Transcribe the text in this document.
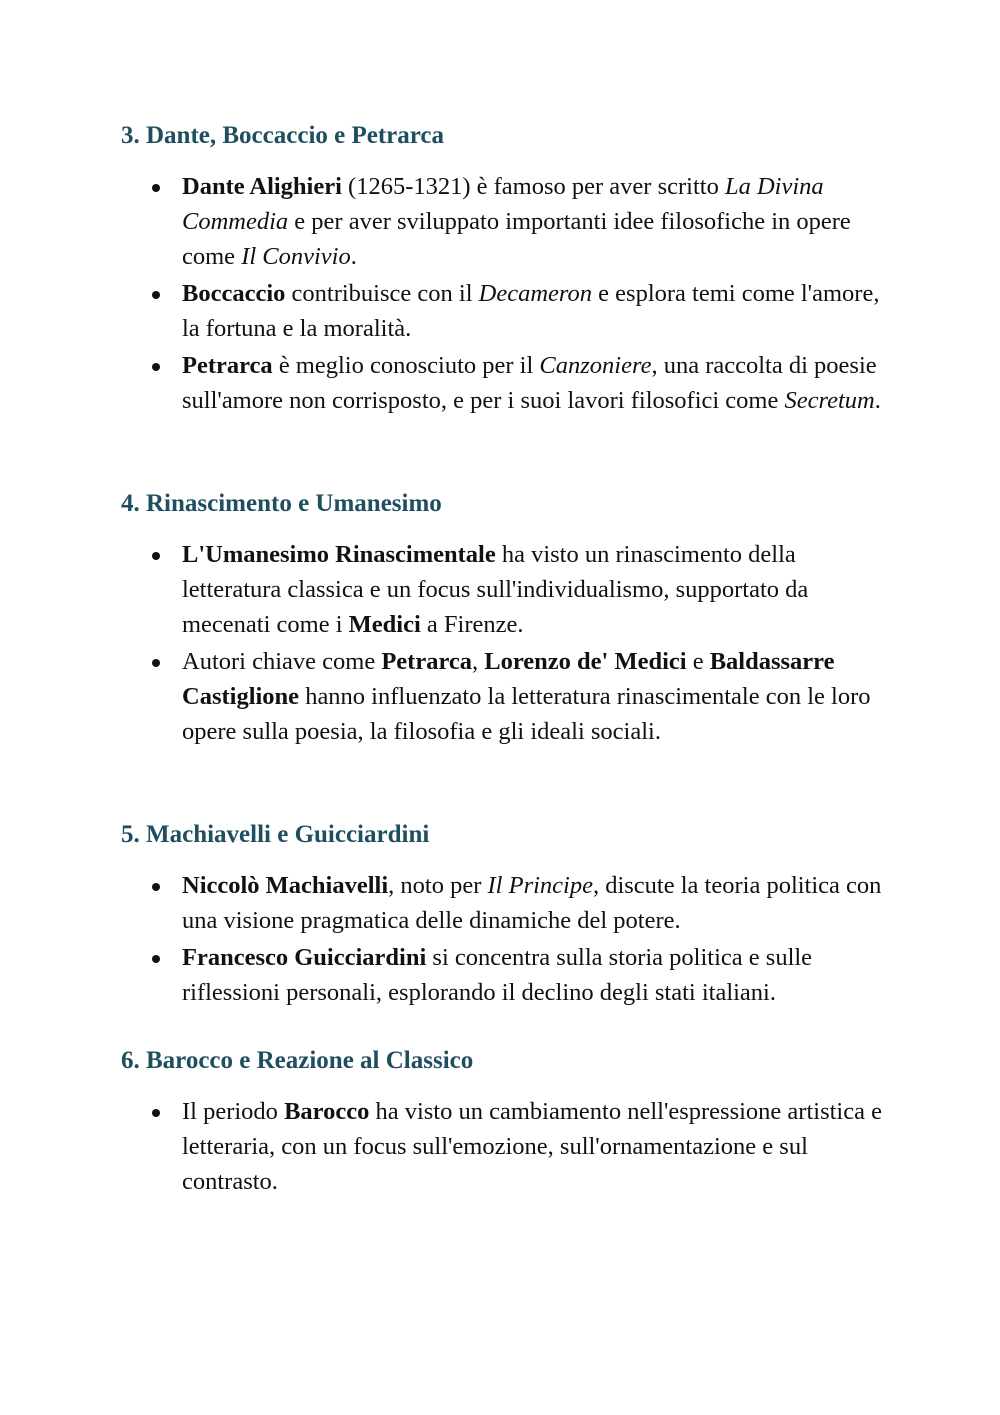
3. Dante, Boccaccio e Petrarca
Dante Alighieri (1265-1321) è famoso per aver scritto La Divina Commedia e per aver sviluppato importanti idee filosofiche in opere come Il Convivio.
Boccaccio contribuisce con il Decameron e esplora temi come l'amore, la fortuna e la moralità.
Petrarca è meglio conosciuto per il Canzoniere, una raccolta di poesie sull'amore non corrisposto, e per i suoi lavori filosofici come Secretum.
4. Rinascimento e Umanesimo
L'Umanesimo Rinascimentale ha visto un rinascimento della letteratura classica e un focus sull'individualismo, supportato da mecenati come i Medici a Firenze.
Autori chiave come Petrarca, Lorenzo de' Medici e Baldassarre Castiglione hanno influenzato la letteratura rinascimentale con le loro opere sulla poesia, la filosofia e gli ideali sociali.
5. Machiavelli e Guicciardini
Niccolò Machiavelli, noto per Il Principe, discute la teoria politica con una visione pragmatica delle dinamiche del potere.
Francesco Guicciardini si concentra sulla storia politica e sulle riflessioni personali, esplorando il declino degli stati italiani.
6. Barocco e Reazione al Classico
Il periodo Barocco ha visto un cambiamento nell'espressione artistica e letteraria, con un focus sull'emozione, sull'ornamentazione e sul contrasto.
